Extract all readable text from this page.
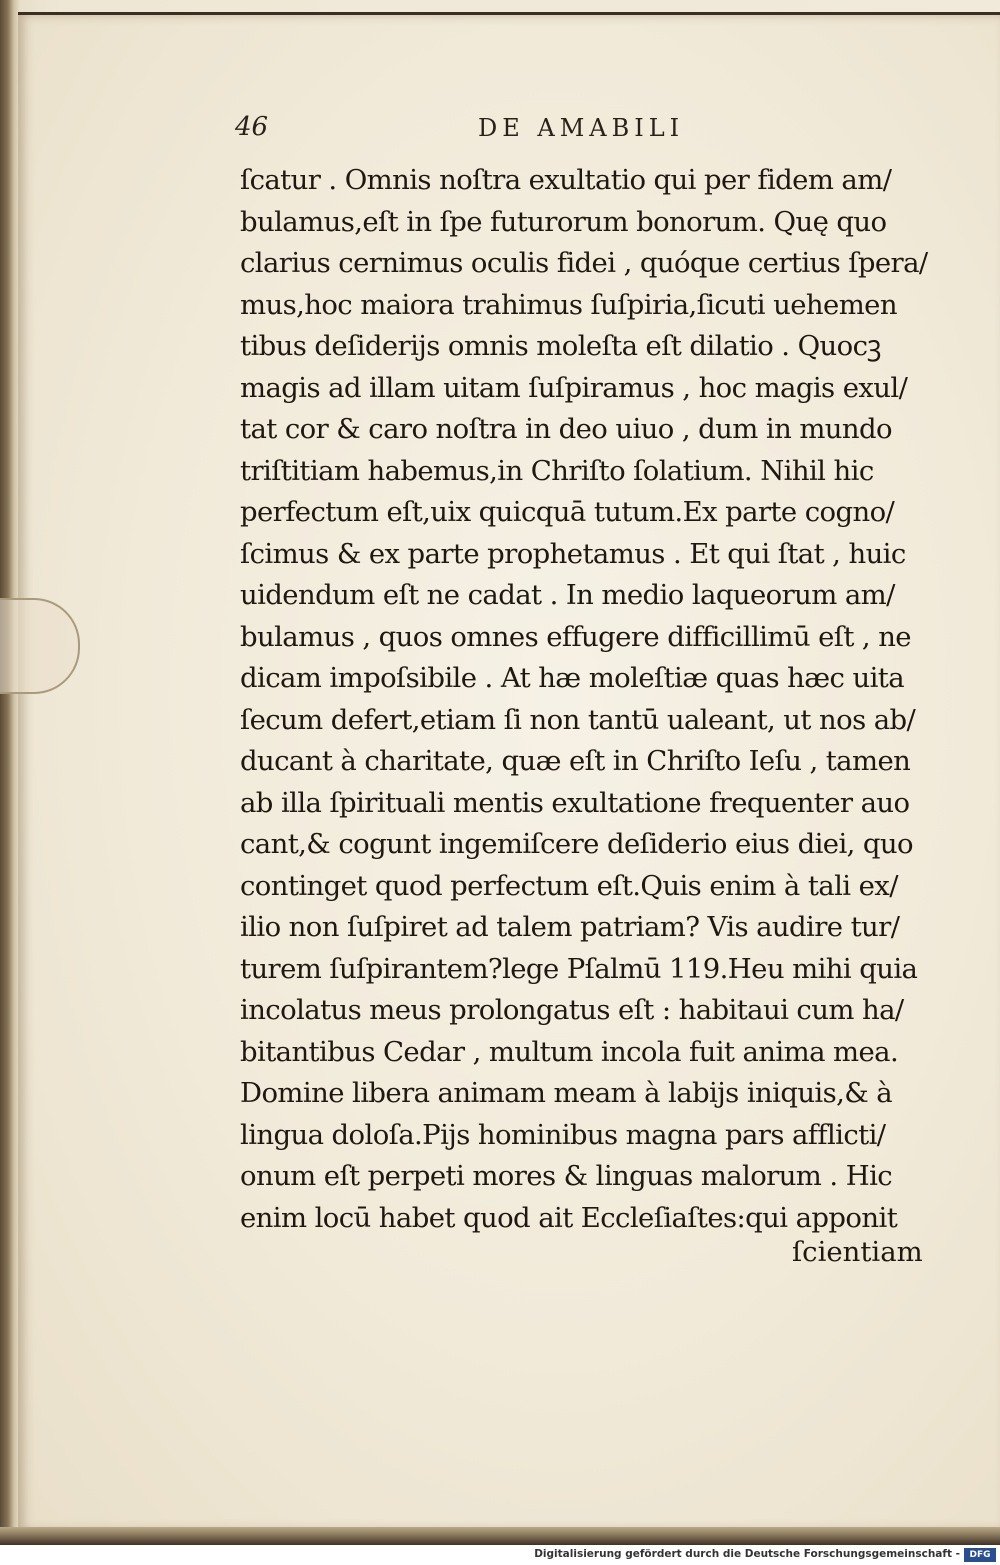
46	DE AMABILI
ſcatur . Omnis noſtra exultatio qui per fidem am/
bulamus,eſt in ſpe futurorum bonorum. Quę quo
clarius cernimus oculis fidei , quóque certius ſpera/
mus,hoc maiora trahimus ſuſpiria,ſicuti uehemen
tibus deſiderijs omnis moleſta eſt dilatio . Quocꝫ
magis ad illam uitam ſuſpiramus , hoc magis exul/
tat cor & caro noſtra in deo uiuo , dum in mundo
triſtitiam habemus,in Chriſto ſolatium. Nihil hic
perfectum eſt,uix quicquā tutum.Ex parte cogno/
ſcimus & ex parte prophetamus . Et qui ſtat , huic
uidendum eſt ne cadat . In medio laqueorum am/
bulamus , quos omnes effugere difficillimū eſt , ne
dicam impoſsibile . At hæ moleſtiæ quas hæc uita
ſecum defert,etiam ſi non tantū ualeant, ut nos ab/
ducant à charitate, quæ eſt in Chriſto Ieſu , tamen
ab illa ſpirituali mentis exultatione frequenter auo
cant,& cogunt ingemiſcere deſiderio eius diei, quo
continget quod perfectum eſt.Quis enim à tali ex/
ilio non ſuſpiret ad talem patriam? Vis audire tur/
turem ſuſpirantem?lege Pſalmū 119.Heu mihi quia
incolatus meus prolongatus eſt : habitaui cum ha/
bitantibus Cedar , multum incola fuit anima mea.
Domine libera animam meam à labijs iniquis,& à
lingua doloſa.Pijs hominibus magna pars afflicti/
onum eſt perpeti mores & linguas malorum . Hic
enim locū habet quod ait Eccleſiaſtes:qui apponit
ſcientiam
Digitalisierung gefördert durch die Deutsche Forschungsgemeinschaft -	DFG
